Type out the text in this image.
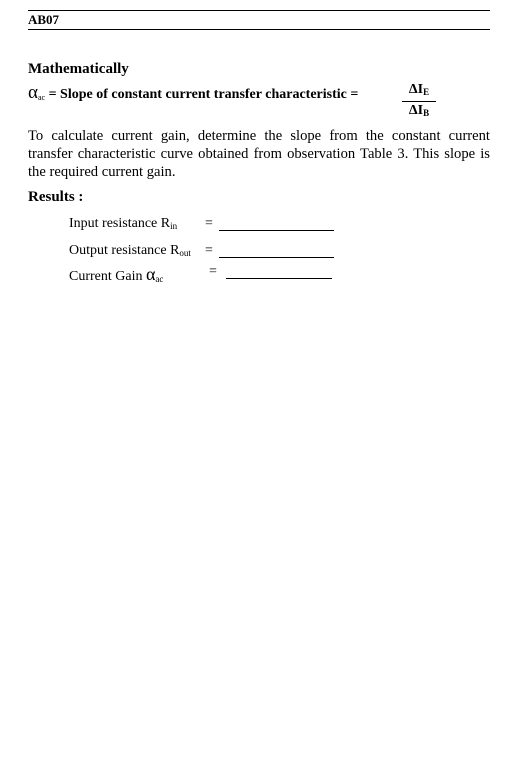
AB07
Mathematically
$\alpha_{ac}$ = Slope of constant current transfer characteristic =	ΔIE
ΔIB
To calculate current gain, determine the slope from the constant current transfer characteristic curve obtained from observation Table 3. This slope is the required current gain.
Results :
Input resistance Rin =
Output resistance Rout =
Current Gain αac	=
